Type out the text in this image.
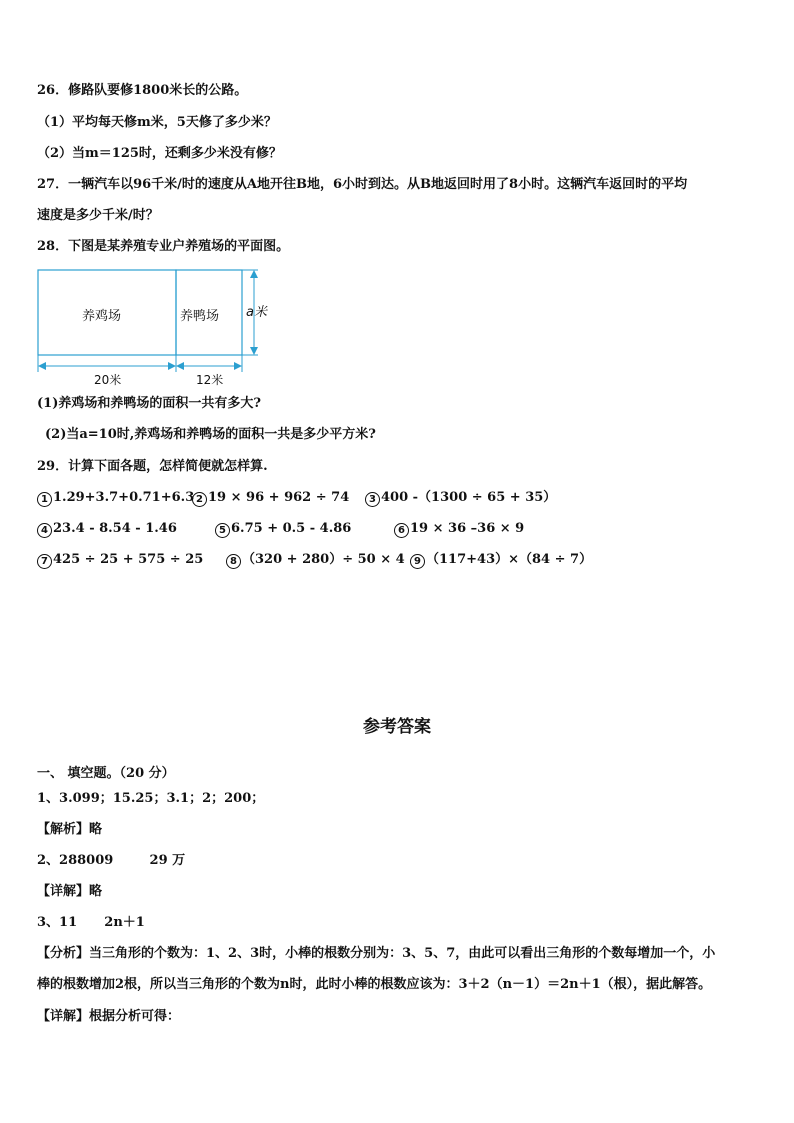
26．修路队要修1800米长的公路。
（1）平均每天修m米，5天修了多少米？
（2）当m＝125时，还剩多少米没有修？
27．一辆汽车以96千米/时的速度从A地开往B地，6小时到达。从B地返回时用了8小时。这辆汽车返回时的平均
速度是多少千米/时？
28．下图是某养殖专业户养殖场的平面图。
养鸡场	养鸭场
20米	12米
a米
(1)养鸡场和养鸭场的面积一共有多大?
(2)当a=10时,养鸡场和养鸭场的面积一共是多少平方米?
29．计算下面各题，怎样简便就怎样算.
1 1.29+3.7+0.71+6.3 2 19 × 96 + 962 ÷ 74	3 400 -（1300 ÷ 65 + 35）
4 23.4 - 8.54 - 1.46	5 6.75 + 0.5 - 4.86	6 19 × 36 –36 × 9
7 425 ÷ 25 + 575 ÷ 25	8 （320 + 280）÷ 50 × 4 9 （117+43）×（84 ÷ 7）
参考答案
一、 填空题。（20 分）
1、3.099；15.25；3.1；2；200；
【解析】略
2、288009        29 万
【详解】略
3、11      2n＋1
【分析】当三角形的个数为：1、2、3时，小棒的根数分别为：3、5、7，由此可以看出三角形的个数每增加一个，小
棒的根数增加2根，所以当三角形的个数为n时，此时小棒的根数应该为：3＋2（n－1）＝2n＋1（根），据此解答。
【详解】根据分析可得：
